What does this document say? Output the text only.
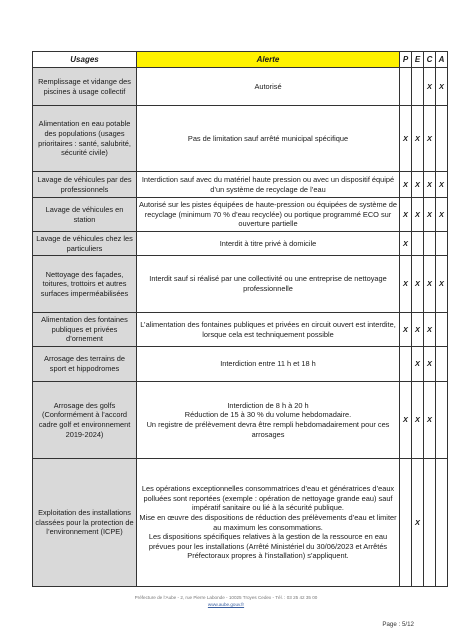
Usages	Alerte	P	E	C	A
Remplissage et vidange des piscines à usage collectif	Autorisé			X	X
Alimentation en eau potable des populations (usages prioritaires : santé, salubrité, sécurité civile)	Pas de limitation sauf arrêté municipal spécifique	X	X	X	
Lavage de véhicules par des professionnels	Interdiction sauf avec du matériel haute pression ou avec un dispositif équipé d’un système de recyclage de l’eau	X	X	X	X
Lavage de véhicules en station	Autorisé sur les pistes équipées de haute-pression ou équipées de système de recyclage (minimum 70 % d’eau recyclée) ou portique programmé ECO sur ouverture partielle	X	X	X	X
Lavage de véhicules chez les particuliers	Interdit à titre privé à domicile	X			
Nettoyage des façades, toitures, trottoirs et autres surfaces imperméabilisées	Interdit sauf si réalisé par une collectivité ou une entreprise de nettoyage professionnelle	X	X	X	X
Alimentation des fontaines publiques et privées d’ornement	L’alimentation des fontaines publiques et privées en circuit ouvert est interdite, lorsque cela est techniquement possible	X	X	X	
Arrosage des terrains de sport et hippodromes	Interdiction entre 11 h et 18 h		X	X	
Arrosage des golfs (Conformément à l’accord cadre golf et environnement 2019-2024)	Interdiction de 8 h à 20 h
Réduction de 15 à 30 % du volume hebdomadaire.
Un registre de prélèvement devra être rempli hebdomadairement pour ces arrosages	X	X	X	
Exploitation des installations classées pour la protection de l’environnement (ICPE)	Les opérations exceptionnelles consommatrices d’eau et génératrices d’eaux polluées sont reportées (exemple : opération de nettoyage grande eau) sauf impératif sanitaire ou lié à la sécurité publique.
Mise en œuvre des dispositions de réduction des prélèvements d’eau et limiter au maximum les consommations.
Les dispositions spécifiques relatives à la gestion de la ressource en eau prévues pour les installations (Arrêté Ministériel du 30/06/2023 et Arrêtés Préfectoraux propres à l’installation) s’appliquent.		X		
Préfecture de l’Aube - 2, rue Pierre Labonde - 10025 Troyes Cedex - Tél. : 03 25 42 35 00
www.aube.gouv.fr
Page : 5/12
